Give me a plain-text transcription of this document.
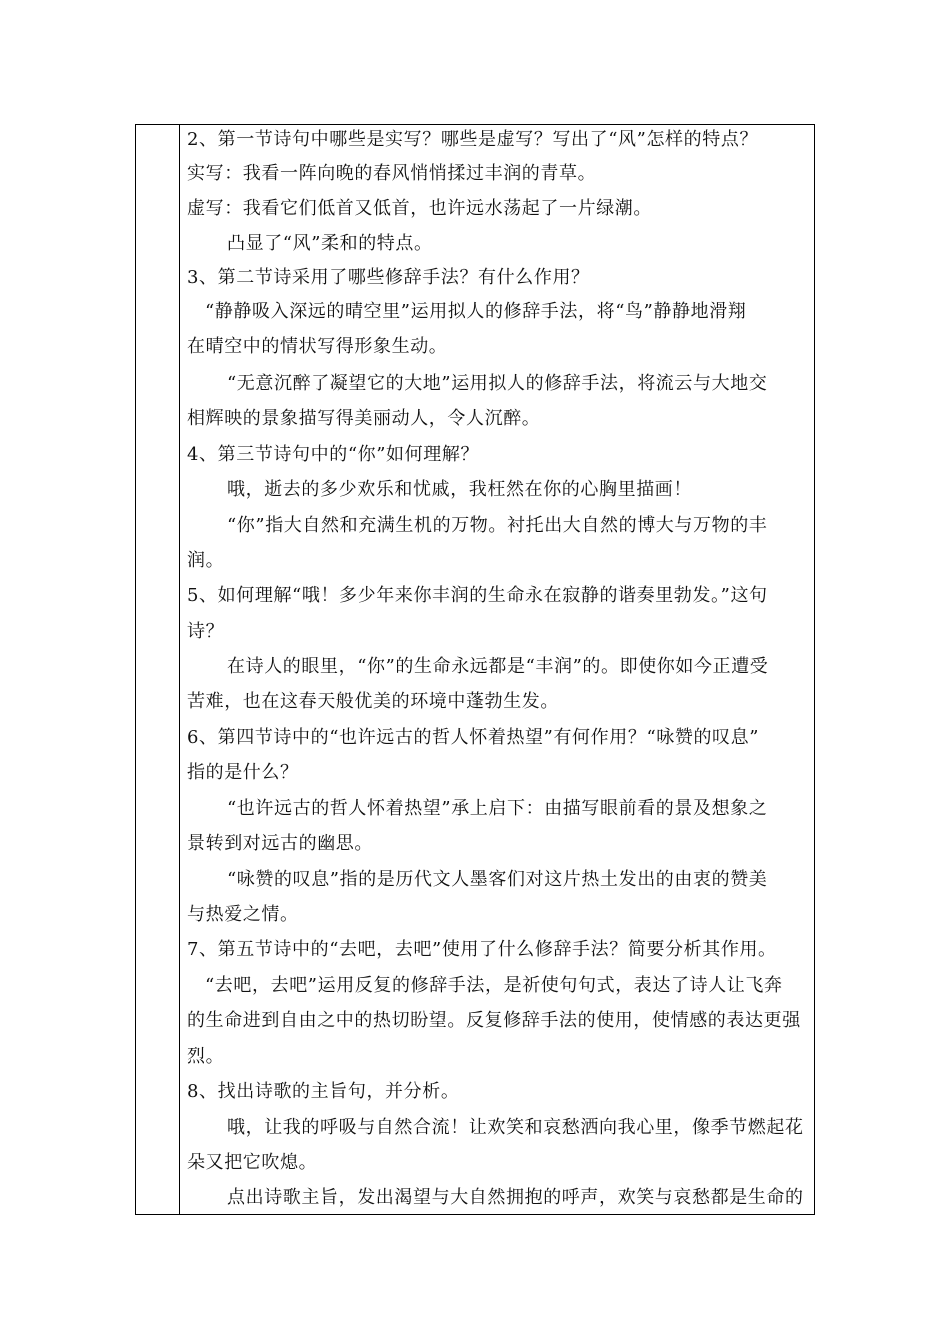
2、第一节诗句中哪些是实写？哪些是虚写？写出了“风”怎样的特点？
实写：我看一阵向晚的春风悄悄揉过丰润的青草。
虚写：我看它们低首又低首，也许远水荡起了一片绿潮。
凸显了“风”柔和的特点。
3、第二节诗采用了哪些修辞手法？有什么作用？
“静静吸入深远的晴空里”运用拟人的修辞手法，将“鸟”静静地滑翔
在晴空中的情状写得形象生动。
“无意沉醉了凝望它的大地”运用拟人的修辞手法，将流云与大地交
相辉映的景象描写得美丽动人，令人沉醉。
4、第三节诗句中的“你”如何理解？
哦，逝去的多少欢乐和忧戚，我枉然在你的心胸里描画！
“你”指大自然和充满生机的万物。衬托出大自然的博大与万物的丰
润。
5、如何理解“哦！多少年来你丰润的生命永在寂静的谐奏里勃发。”这句
诗？
在诗人的眼里，“你”的生命永远都是“丰润”的。即使你如今正遭受
苦难，也在这春天般优美的环境中蓬勃生发。
6、第四节诗中的“也许远古的哲人怀着热望”有何作用？“咏赞的叹息”
指的是什么？
“也许远古的哲人怀着热望”承上启下：由描写眼前看的景及想象之
景转到对远古的幽思。
“咏赞的叹息”指的是历代文人墨客们对这片热土发出的由衷的赞美
与热爱之情。
7、第五节诗中的“去吧，去吧”使用了什么修辞手法？简要分析其作用。
“去吧，去吧”运用反复的修辞手法，是祈使句句式，表达了诗人让飞奔
的生命进到自由之中的热切盼望。反复修辞手法的使用，使情感的表达更强
烈。
8、找出诗歌的主旨句，并分析。
哦，让我的呼吸与自然合流！让欢笑和哀愁洒向我心里，像季节燃起花
朵又把它吹熄。
点出诗歌主旨，发出渴望与大自然拥抱的呼声，欢笑与哀愁都是生命的
